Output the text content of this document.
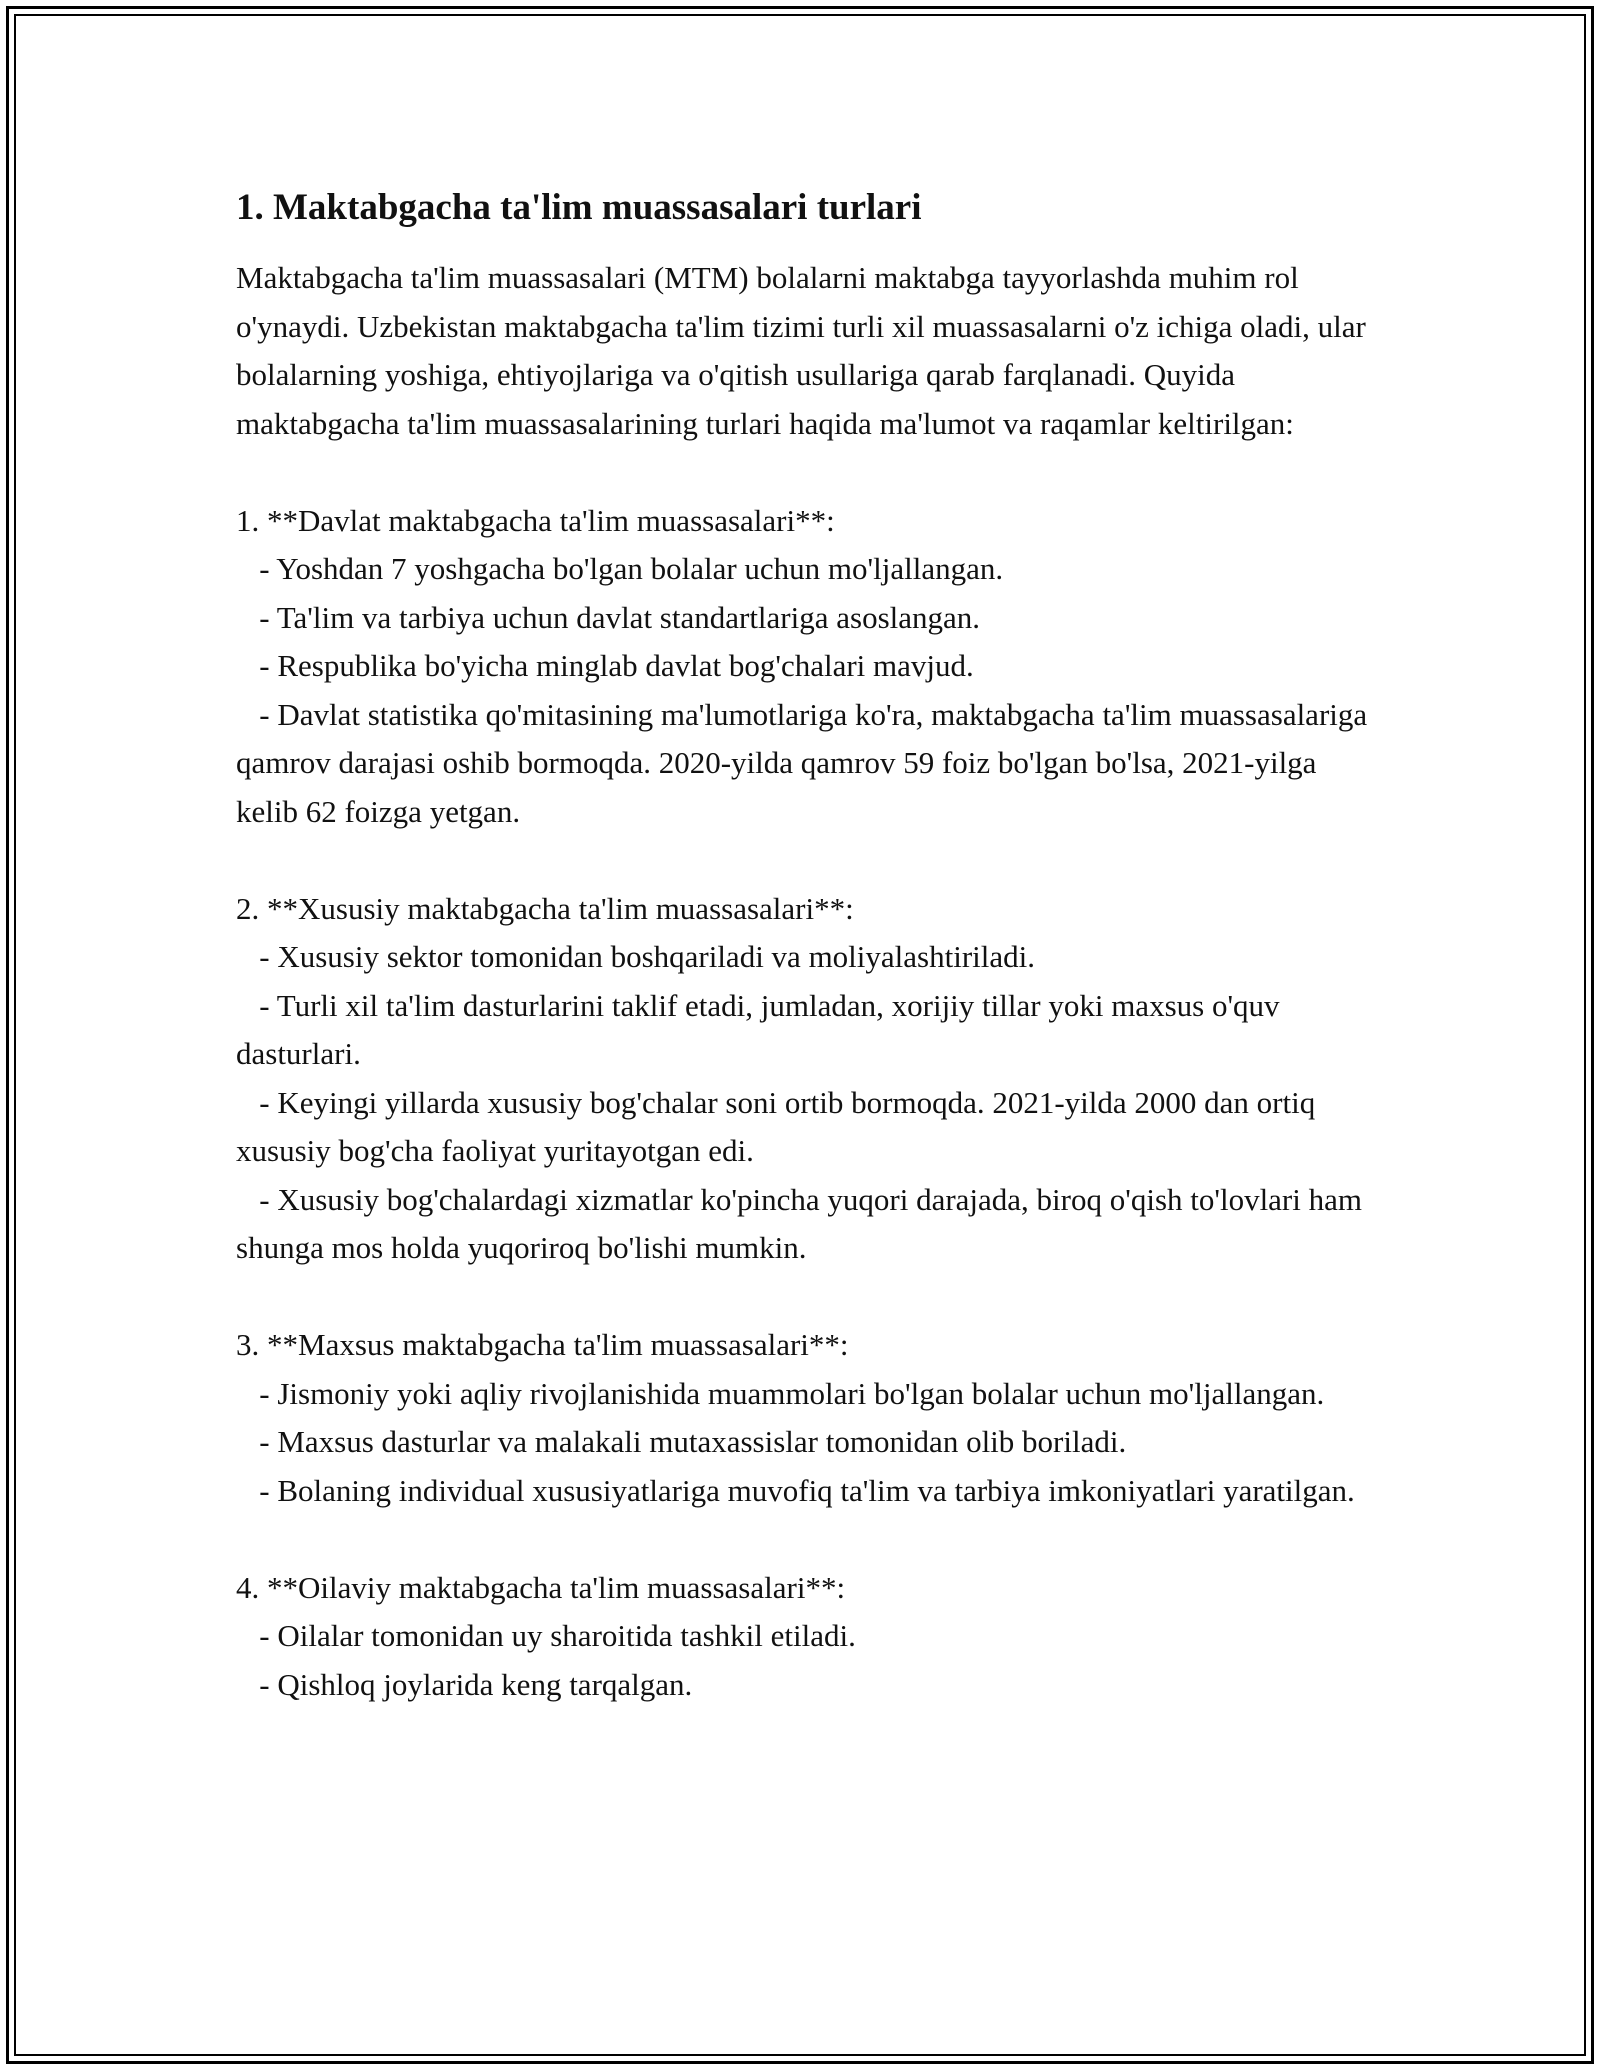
1. Maktabgacha ta'lim muassasalari turlari

Maktabgacha ta'lim muassasalari (MTM) bolalarni maktabga tayyorlashda muhim rol o'ynaydi. Uzbekistan maktabgacha ta'lim tizimi turli xil muassasalarni o'z ichiga oladi, ular bolalarning yoshiga, ehtiyojlariga va o'qitish usullariga qarab farqlanadi. Quyida maktabgacha ta'lim muassasalarining turlari haqida ma'lumot va raqamlar keltirilgan:

1. **Davlat maktabgacha ta'lim muassasalari**:

- Yoshdan 7 yoshgacha bo'lgan bolalar uchun mo'ljallangan.

- Ta'lim va tarbiya uchun davlat standartlariga asoslangan.

- Respublika bo'yicha minglab davlat bog'chalari mavjud.

- Davlat statistika qo'mitasining ma'lumotlariga ko'ra, maktabgacha ta'lim muassasalariga qamrov darajasi oshib bormoqda. 2020-yilda qamrov 59 foiz bo'lgan bo'lsa, 2021-yilga kelib 62 foizga yetgan.

2. **Xususiy maktabgacha ta'lim muassasalari**:

- Xususiy sektor tomonidan boshqariladi va moliyalashtiriladi.

- Turli xil ta'lim dasturlarini taklif etadi, jumladan, xorijiy tillar yoki maxsus o'quv dasturlari.

- Keyingi yillarda xususiy bog'chalar soni ortib bormoqda. 2021-yilda 2000 dan ortiq xususiy bog'cha faoliyat yuritayotgan edi.

- Xususiy bog'chalardagi xizmatlar ko'pincha yuqori darajada, biroq o'qish to'lovlari ham shunga mos holda yuqoriroq bo'lishi mumkin.

3. **Maxsus maktabgacha ta'lim muassasalari**:

- Jismoniy yoki aqliy rivojlanishida muammolari bo'lgan bolalar uchun mo'ljallangan.

- Maxsus dasturlar va malakali mutaxassislar tomonidan olib boriladi.

- Bolaning individual xususiyatlariga muvofiq ta'lim va tarbiya imkoniyatlari yaratilgan.

4. **Oilaviy maktabgacha ta'lim muassasalari**:

- Oilalar tomonidan uy sharoitida tashkil etiladi.

- Qishloq joylarida keng tarqalgan.
